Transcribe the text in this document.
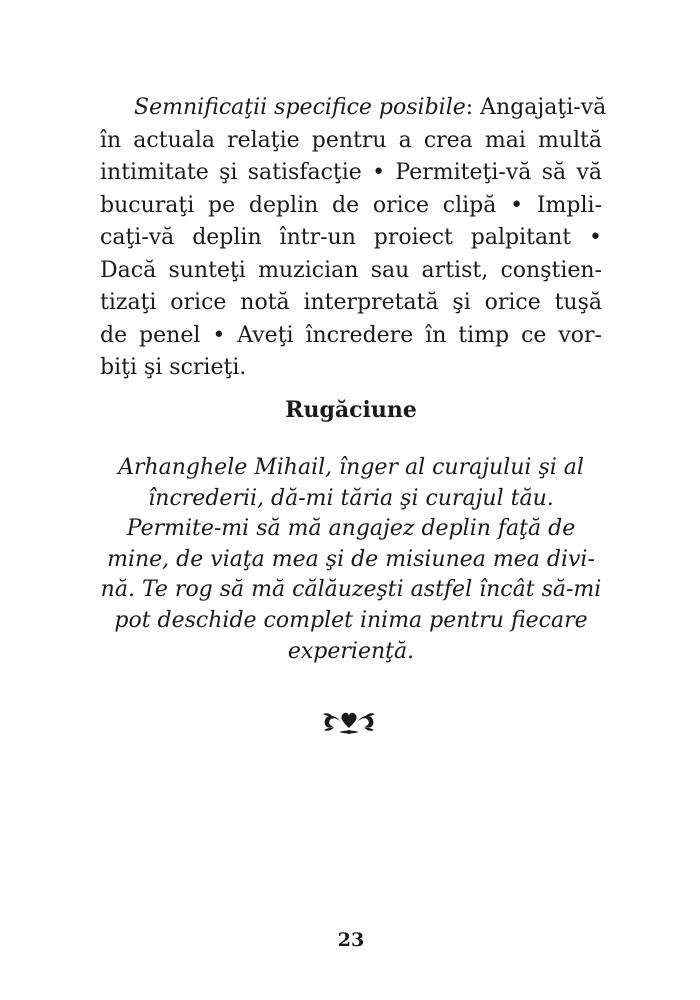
Semnificaţii specifice posibile: Angajaţi-vă
în actuala relaţie pentru a crea mai multă
intimitate şi satisfacţie • Permiteţi-vă să vă
bucuraţi pe deplin de orice clipă • Impli-
caţi-vă deplin într-un proiect palpitant •
Dacă sunteţi muzician sau artist, conştien-
tizaţi orice notă interpretată şi orice tuşă
de penel • Aveţi încredere în timp ce vor-
biţi şi scrieţi.
Rugăciune
Arhanghele Mihail, înger al curajului şi al
încrederii, dă-mi tăria şi curajul tău.
Permite-mi să mă angajez deplin faţă de
mine, de viaţa mea şi de misiunea mea divi-
nă. Te rog să mă călăuzeşti astfel încât să-mi
pot deschide complet inima pentru fiecare
experienţă.
23
